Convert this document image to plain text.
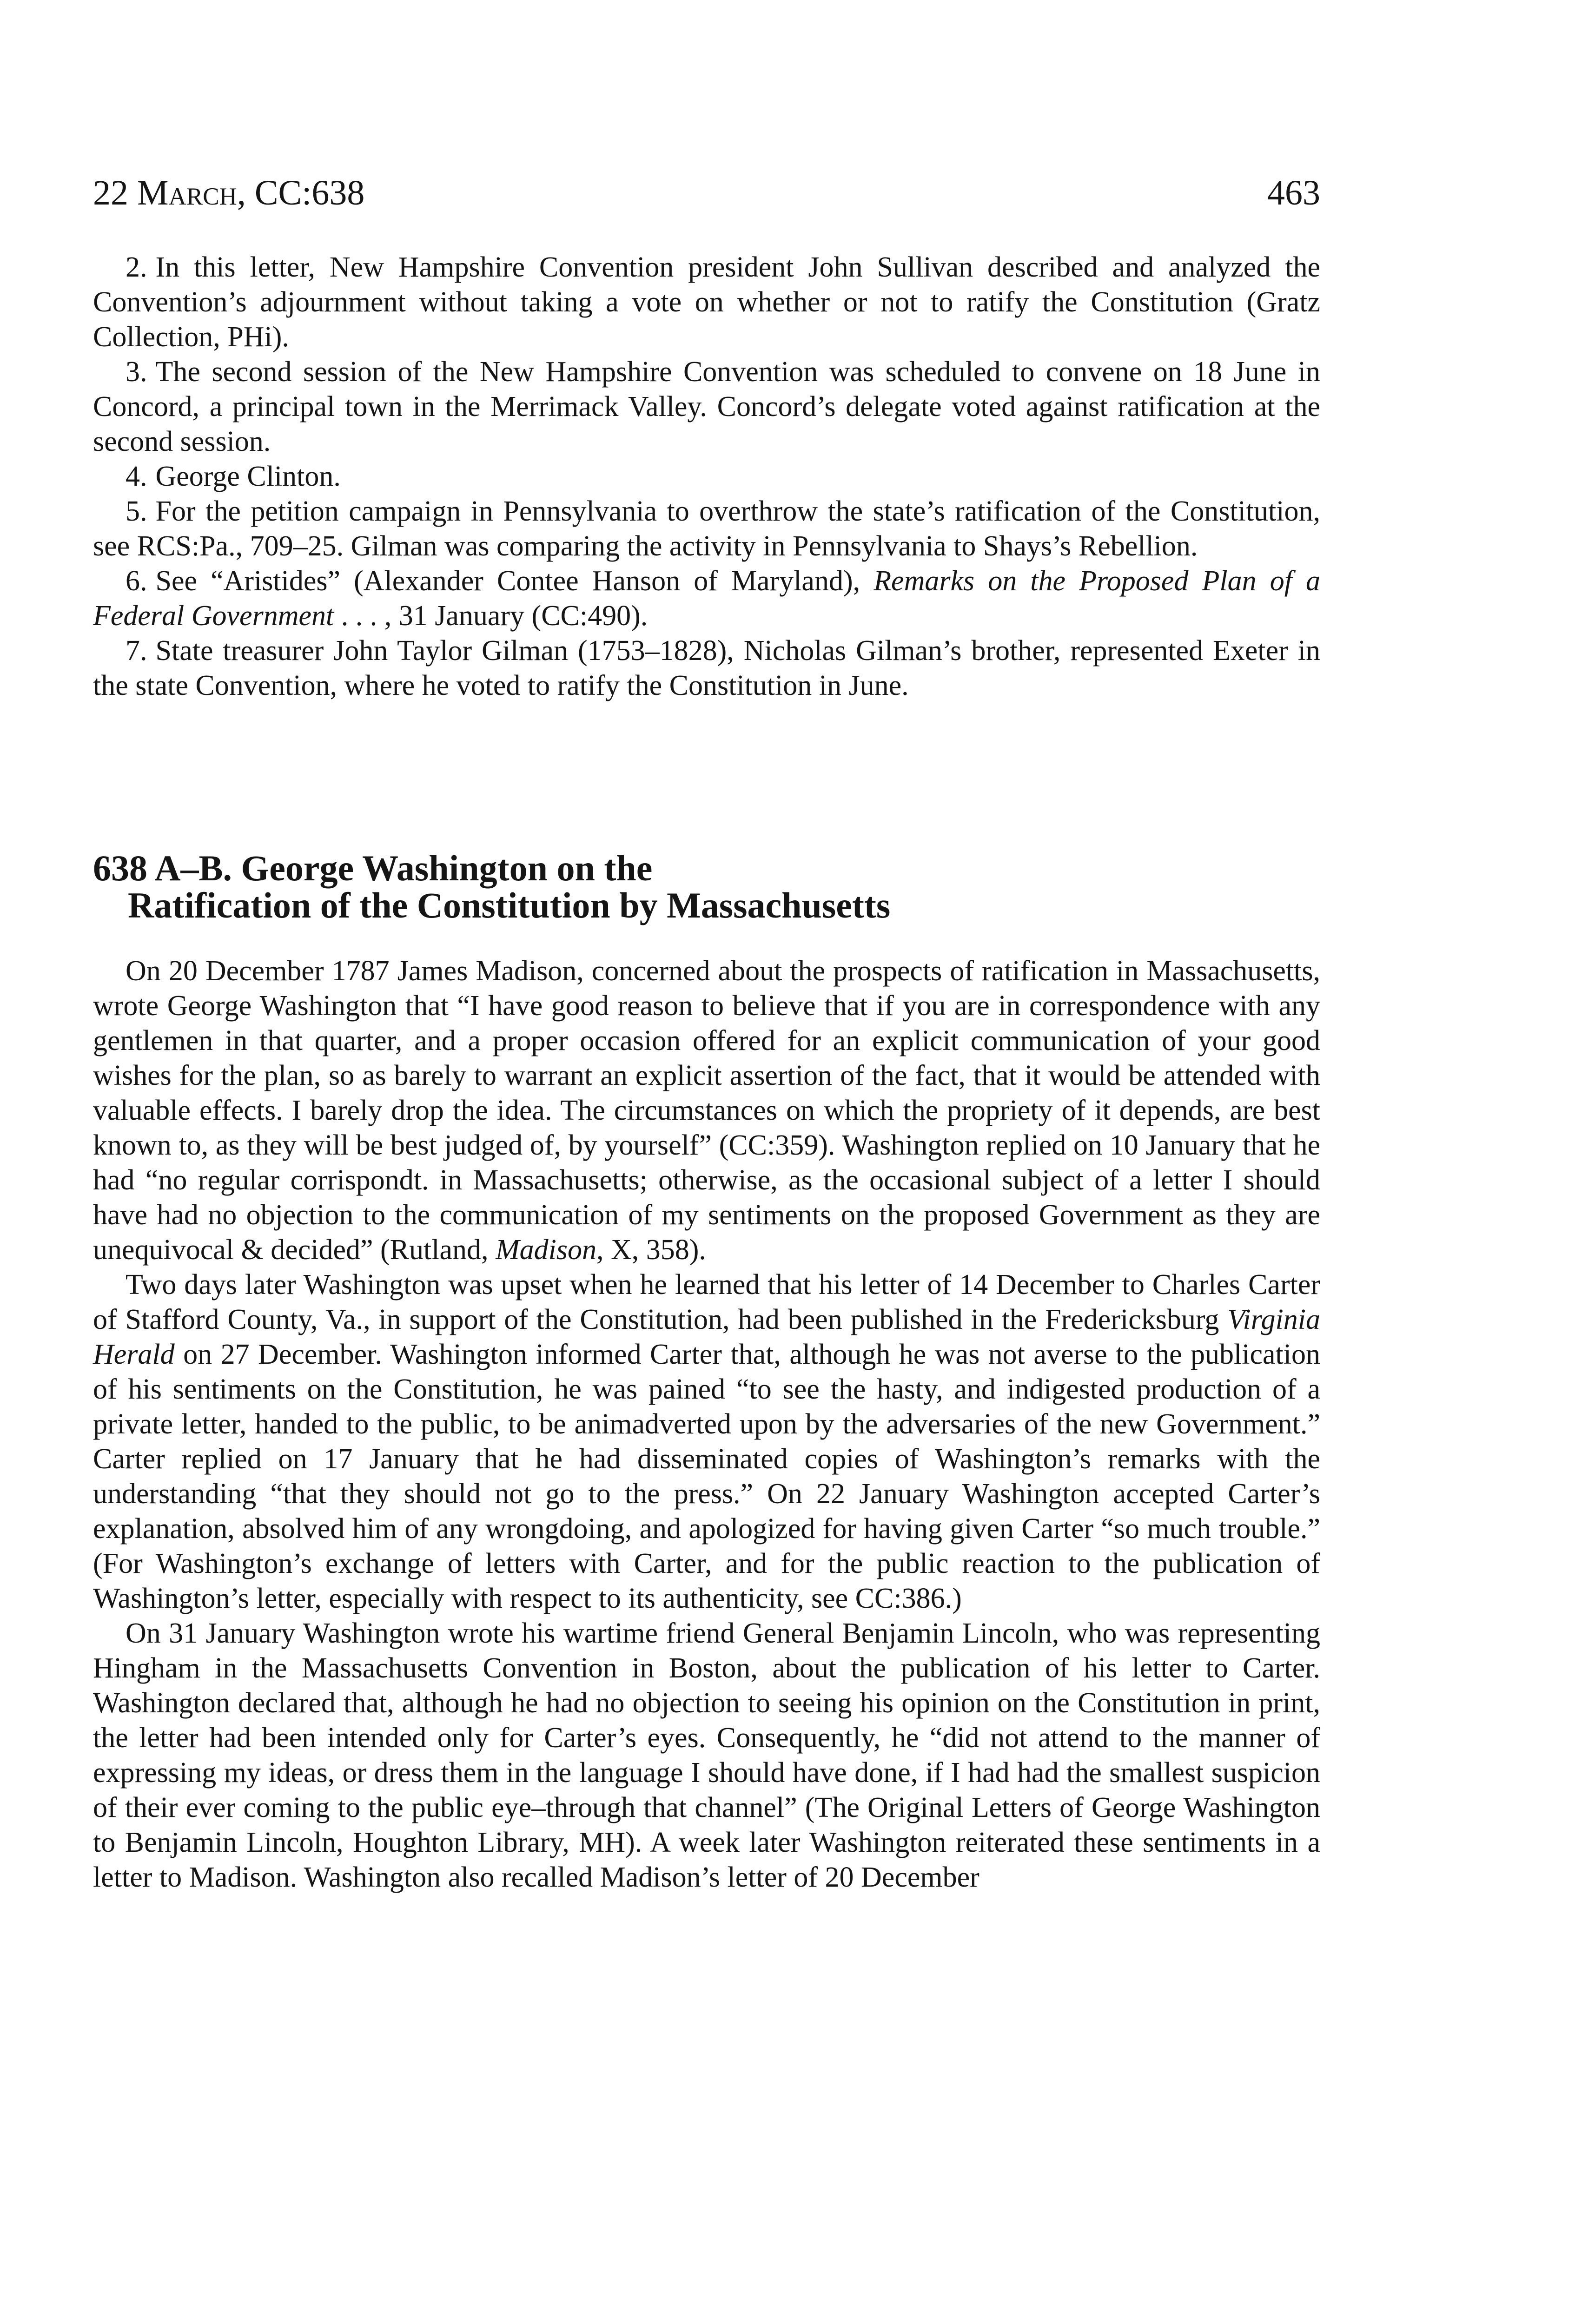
22 March, CC:638	463

2. In this letter, New Hampshire Convention president John Sullivan described and analyzed the Convention’s adjournment without taking a vote on whether or not to ratify the Constitution (Gratz Collection, PHi).

3. The second session of the New Hampshire Convention was scheduled to convene on 18 June in Concord, a principal town in the Merrimack Valley. Concord’s delegate voted against ratification at the second session.

4. George Clinton.

5. For the petition campaign in Pennsylvania to overthrow the state’s ratification of the Constitution, see RCS:Pa., 709–25. Gilman was comparing the activity in Pennsylvania to Shays’s Rebellion.

6. See “Aristides” (Alexander Contee Hanson of Maryland), Remarks on the Proposed Plan of a Federal Government . . . , 31 January (CC:490).

7. State treasurer John Taylor Gilman (1753–1828), Nicholas Gilman’s brother, represented Exeter in the state Convention, where he voted to ratify the Constitution in June.

638 A–B. George Washington on the
Ratification of the Constitution by Massachusetts

On 20 December 1787 James Madison, concerned about the prospects of ratification in Massachusetts, wrote George Washington that “I have good reason to believe that if you are in correspondence with any gentlemen in that quarter, and a proper occasion offered for an explicit communication of your good wishes for the plan, so as barely to warrant an explicit assertion of the fact, that it would be attended with valuable effects. I barely drop the idea. The circumstances on which the propriety of it depends, are best known to, as they will be best judged of, by yourself” (CC:359). Washington replied on 10 January that he had “no regular corrispondt. in Massachusetts; otherwise, as the occasional subject of a letter I should have had no objection to the communication of my sentiments on the proposed Government as they are unequivocal & decided” (Rutland, Madison, X, 358).

Two days later Washington was upset when he learned that his letter of 14 December to Charles Carter of Stafford County, Va., in support of the Constitution, had been published in the Fredericksburg Virginia Herald on 27 December. Washington informed Carter that, although he was not averse to the publication of his sentiments on the Constitution, he was pained “to see the hasty, and indigested production of a private letter, handed to the public, to be animadverted upon by the adversaries of the new Government.” Carter replied on 17 January that he had disseminated copies of Washington’s remarks with the understanding “that they should not go to the press.” On 22 January Washington accepted Carter’s explanation, absolved him of any wrongdoing, and apologized for having given Carter “so much trouble.” (For Washington’s exchange of letters with Carter, and for the public reaction to the publication of Washington’s letter, especially with respect to its authenticity, see CC:386.)

On 31 January Washington wrote his wartime friend General Benjamin Lincoln, who was representing Hingham in the Massachusetts Convention in Boston, about the publication of his letter to Carter. Washington declared that, although he had no objection to seeing his opinion on the Constitution in print, the letter had been intended only for Carter’s eyes. Consequently, he “did not attend to the manner of expressing my ideas, or dress them in the language I should have done, if I had had the smallest suspicion of their ever coming to the public eye–through that channel” (The Original Letters of George Washington to Benjamin Lincoln, Houghton Library, MH). A week later Washington reiterated these sentiments in a letter to Madison. Washington also recalled Madison’s letter of 20 December
